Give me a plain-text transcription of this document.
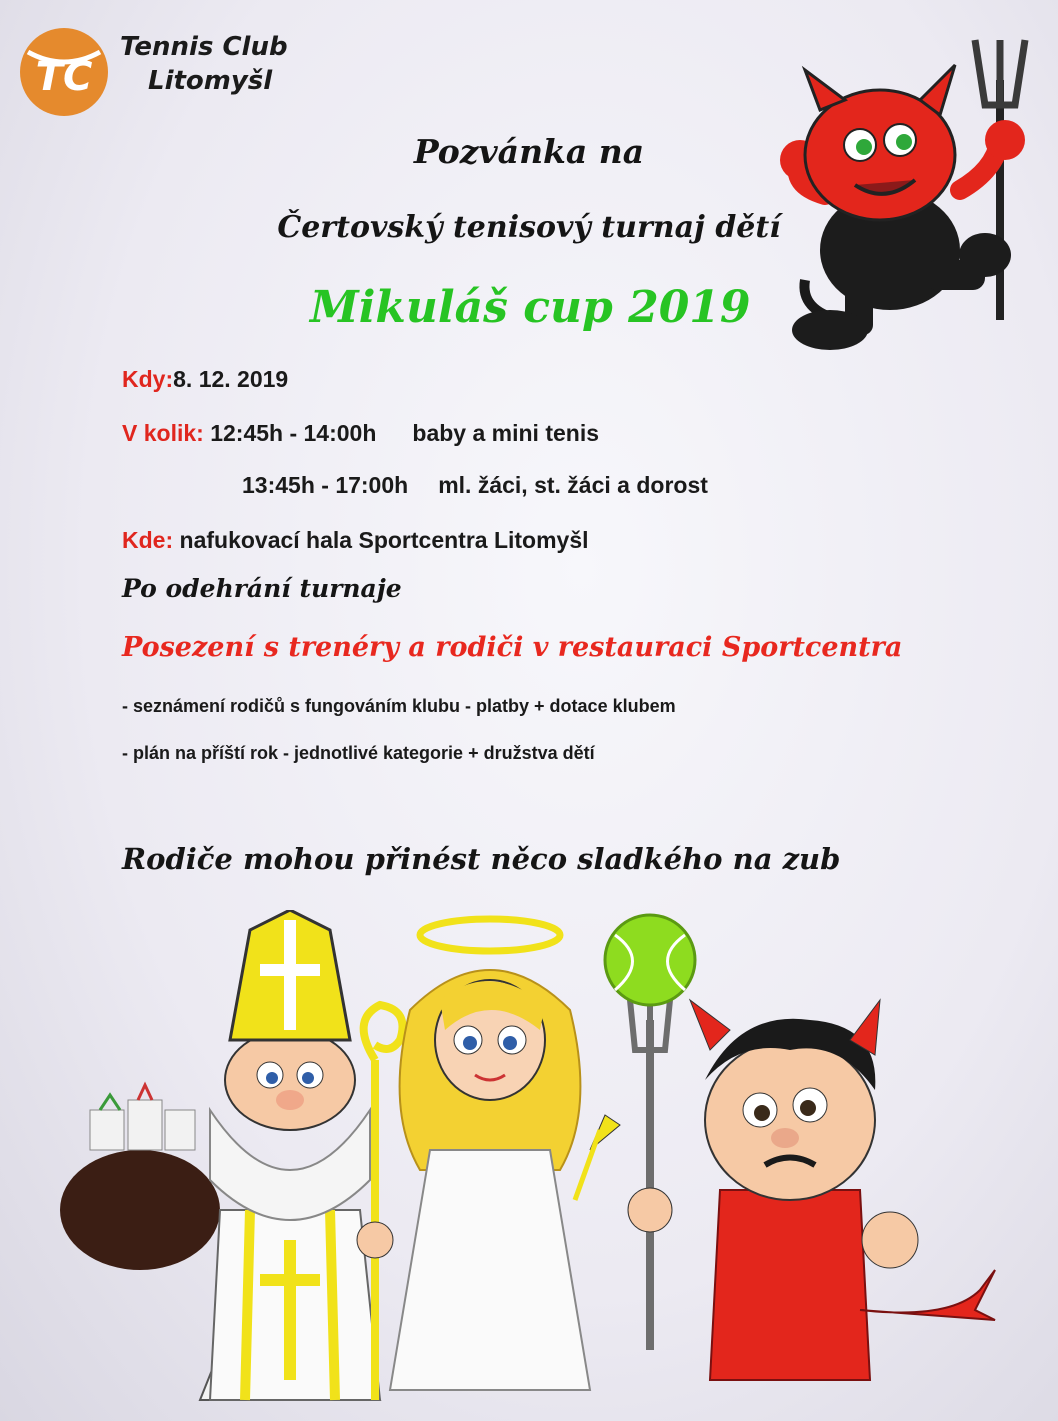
TC
Tennis Club
Litomyšl
Pozvánka na
Čertovský tenisový turnaj dětí
Mikuláš cup 2019
Kdy:8. 12. 2019
V kolik: 12:45h - 14:00h baby a mini tenis
13:45h - 17:00h ml. žáci, st. žáci a dorost
Kde: nafukovací hala Sportcentra Litomyšl
Po odehrání turnaje
Posezení s trenéry a rodiči v restauraci Sportcentra
- seznámení rodičů s fungováním klubu - platby + dotace klubem
- plán na příští rok - jednotlivé kategorie + družstva dětí
Rodiče mohou přinést něco sladkého na zub
